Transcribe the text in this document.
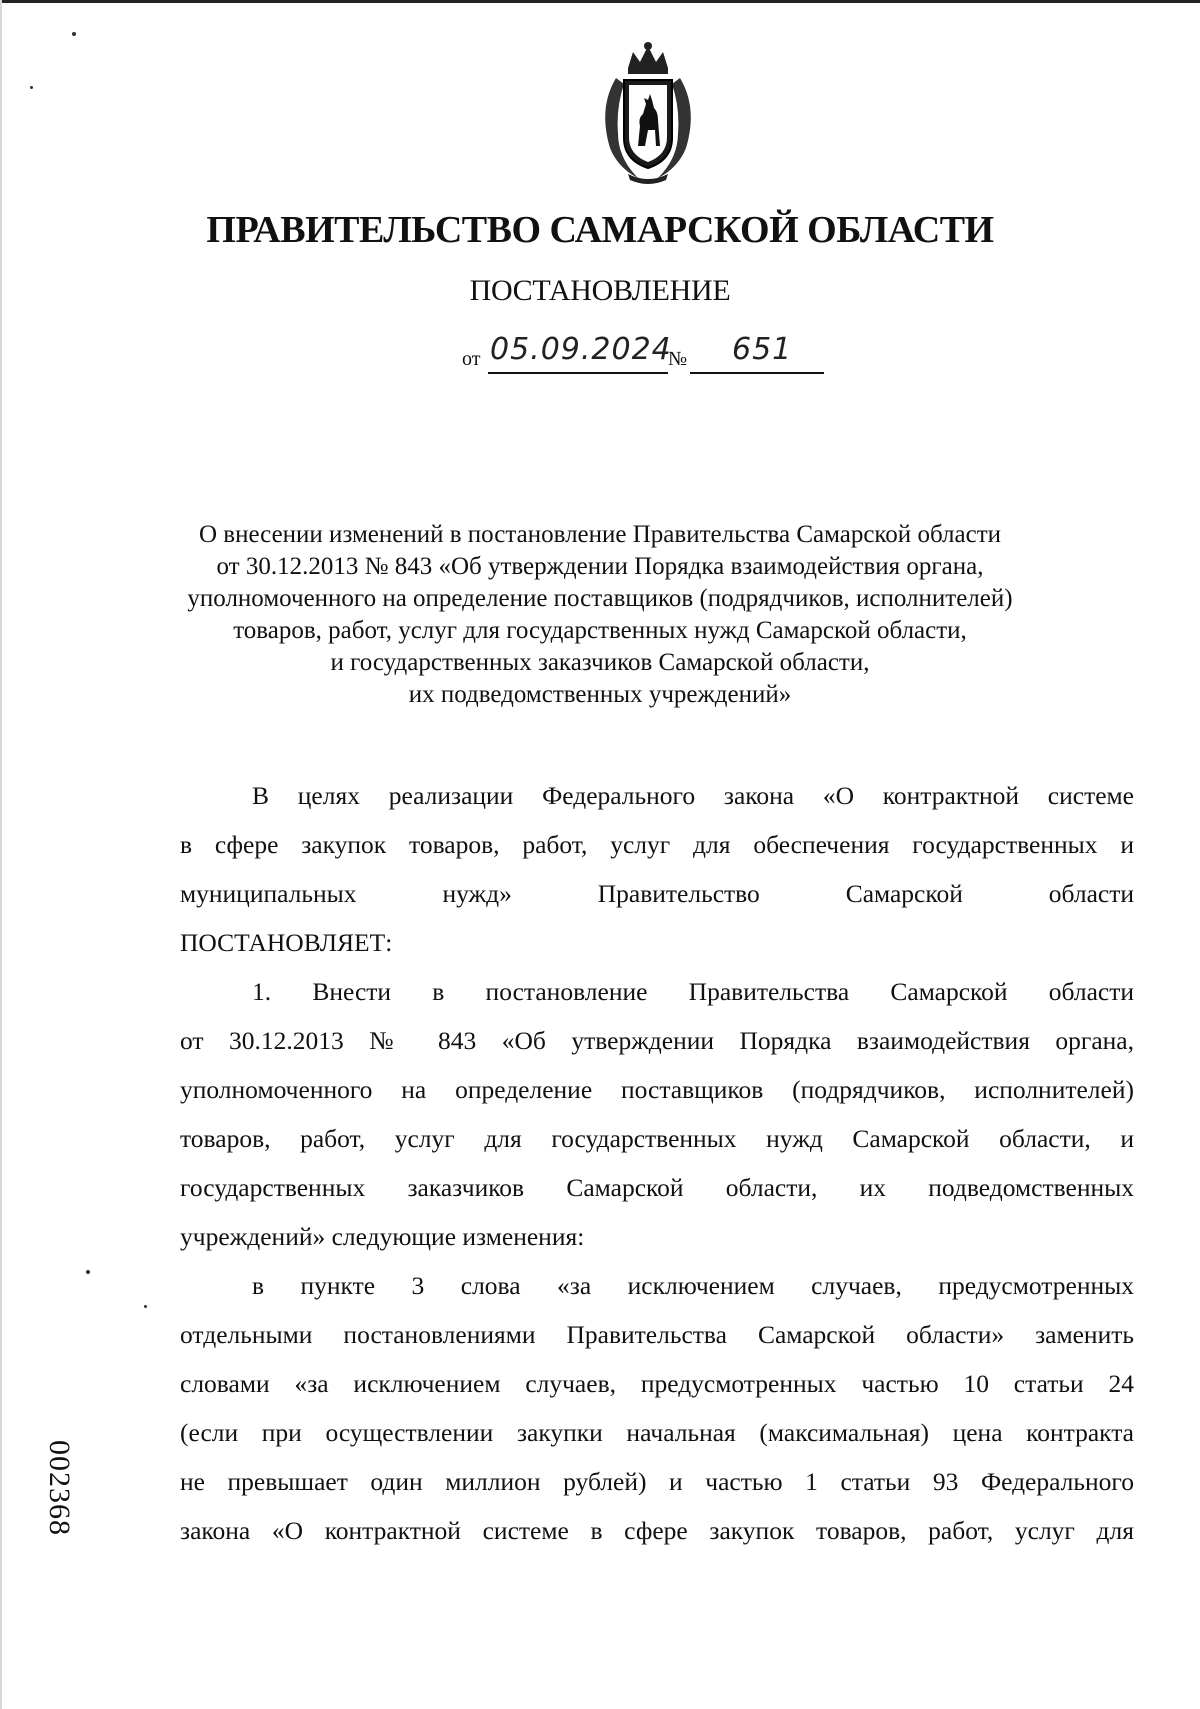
ПРАВИТЕЛЬСТВО САМАРСКОЙ ОБЛАСТИ
ПОСТАНОВЛЕНИЕ
от 05.09.2024
№ 651
О внесении изменений в постановление Правительства Самарской области
от 30.12.2013 № 843 «Об утверждении Порядка взаимодействия органа,
уполномоченного на определение поставщиков (подрядчиков, исполнителей)
товаров, работ, услуг для государственных нужд Самарской области,
и государственных заказчиков Самарской области,
их подведомственных учреждений»
В целях реализации Федерального закона «О контрактной системе
в сфере закупок товаров, работ, услуг для обеспечения государственных и
муниципальных нужд» Правительство Самарской области
ПОСТАНОВЛЯЕТ:
1. Внести в постановление Правительства Самарской области
от 30.12.2013 № 843 «Об утверждении Порядка взаимодействия органа,
уполномоченного на определение поставщиков (подрядчиков, исполнителей)
товаров, работ, услуг для государственных нужд Самарской области, и
государственных заказчиков Самарской области, их подведомственных
учреждений» следующие изменения:
в пункте 3 слова «за исключением случаев, предусмотренных
отдельными постановлениями Правительства Самарской области» заменить
словами «за исключением случаев, предусмотренных частью 10 статьи 24
(если при осуществлении закупки начальная (максимальная) цена контракта
не превышает один миллион рублей) и частью 1 статьи 93 Федерального
закона «О контрактной системе в сфере закупок товаров, работ, услуг для
002368
